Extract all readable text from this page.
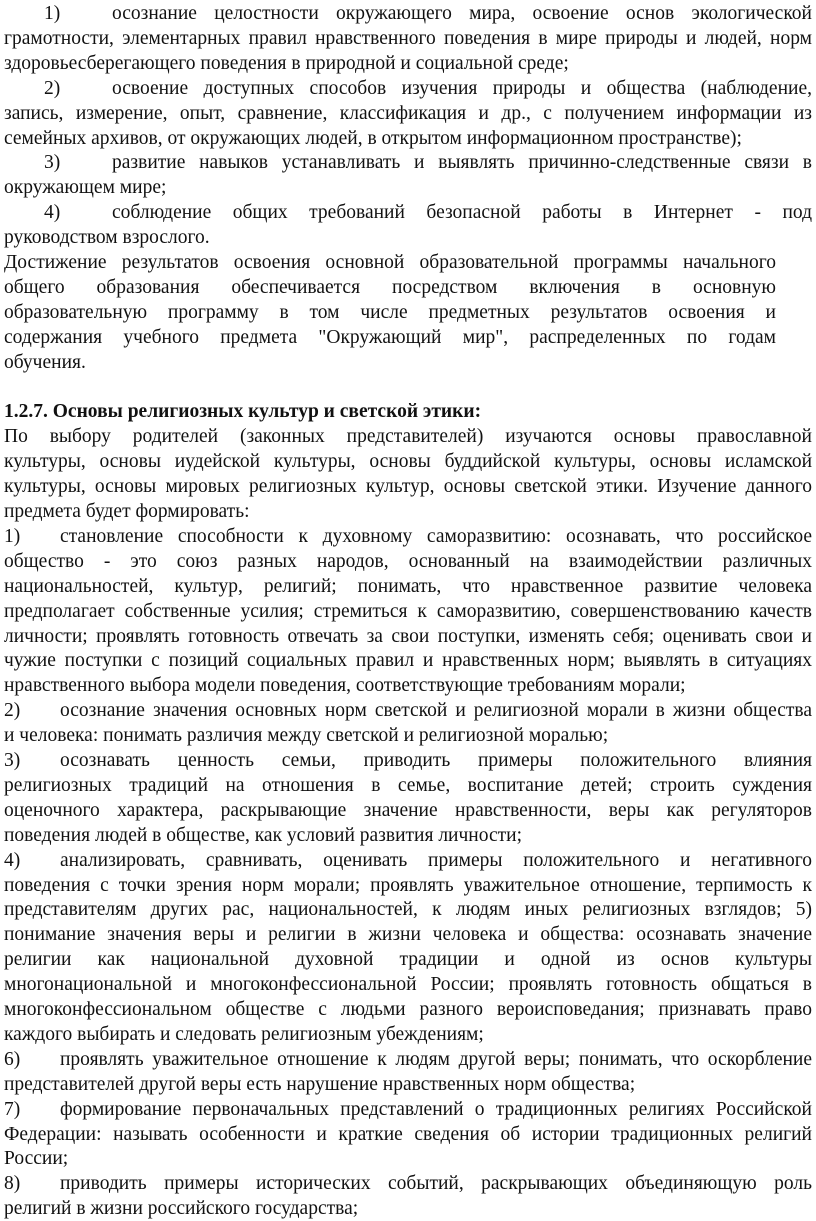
1)	осознание целостности окружающего мира, освоение основ экологической
грамотности, элементарных правил нравственного поведения в мире природы и людей, норм
здоровьесберегающего поведения в природной и социальной среде;
2)	освоение доступных способов изучения природы и общества (наблюдение,
запись, измерение, опыт, сравнение, классификация и др., с получением информации из
семейных архивов, от окружающих людей, в открытом информационном пространстве);
3)	развитие навыков устанавливать и выявлять причинно-следственные связи в
окружающем мире;
4)	соблюдение общих требований безопасной работы в Интернет - под
руководством взрослого.
Достижение результатов освоения основной образовательной программы начального
общего образования обеспечивается посредством включения в основную
образовательную программу в том числе предметных результатов освоения и
содержания учебного предмета "Окружающий мир", распределенных по годам
обучения.
1.2.7. Основы религиозных культур и светской этики:
По выбору родителей (законных представителей) изучаются основы православной
культуры, основы иудейской культуры, основы буддийской культуры, основы исламской
культуры, основы мировых религиозных культур, основы светской этики. Изучение данного
предмета будет формировать:
1)	становление способности к духовному саморазвитию: осознавать, что российское
общество - это союз разных народов, основанный на взаимодействии различных
национальностей, культур, религий; понимать, что нравственное развитие человека
предполагает собственные усилия; стремиться к саморазвитию, совершенствованию качеств
личности; проявлять готовность отвечать за свои поступки, изменять себя; оценивать свои и
чужие поступки с позиций социальных правил и нравственных норм; выявлять в ситуациях
нравственного выбора модели поведения, соответствующие требованиям морали;
2)	осознание значения основных норм светской и религиозной морали в жизни общества
и человека: понимать различия между светской и религиозной моралью;
3)	осознавать ценность семьи, приводить примеры положительного влияния
религиозных традиций на отношения в семье, воспитание детей; строить суждения
оценочного характера, раскрывающие значение нравственности, веры как регуляторов
поведения людей в обществе, как условий развития личности;
4)	анализировать, сравнивать, оценивать примеры положительного и негативного
поведения с точки зрения норм морали; проявлять уважительное отношение, терпимость к
представителям других рас, национальностей, к людям иных религиозных взглядов; 5)
понимание значения веры и религии в жизни человека и общества: осознавать значение
религии как национальной духовной традиции и одной из основ культуры
многонациональной и многоконфессиональной России; проявлять готовность общаться в
многоконфессиональном обществе с людьми разного вероисповедания; признавать право
каждого выбирать и следовать религиозным убеждениям;
6)	проявлять уважительное отношение к людям другой веры; понимать, что оскорбление
представителей другой веры есть нарушение нравственных норм общества;
7)	формирование первоначальных представлений о традиционных религиях Российской
Федерации: называть особенности и краткие сведения об истории традиционных религий
России;
8)	приводить примеры исторических событий, раскрывающих объединяющую роль
религий в жизни российского государства;
